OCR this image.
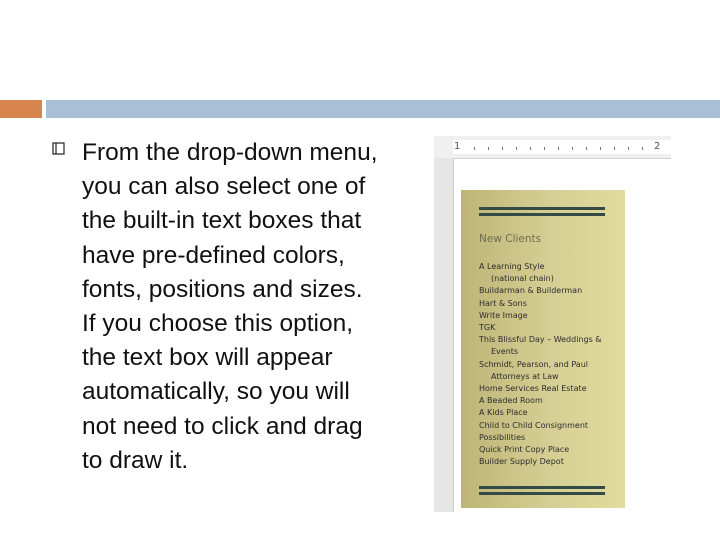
From the drop-down menu, you can also select one of the built-in text boxes that have pre-defined colors, fonts, positions and sizes. If you choose this option, the text box will appear automatically, so you will not need to click and drag to draw it.

1	2
New Clients
A Learning Style
(national chain)
Buildarman & Builderman
Hart & Sons
Write Image
TGK
This Blissful Day – Weddings &
Events
Schmidt, Pearson, and Paul
Attorneys at Law
Home Services Real Estate
A Beaded Room
A Kids Place
Child to Child Consignment
Possibilities
Quick Print Copy Place
Builder Supply Depot
